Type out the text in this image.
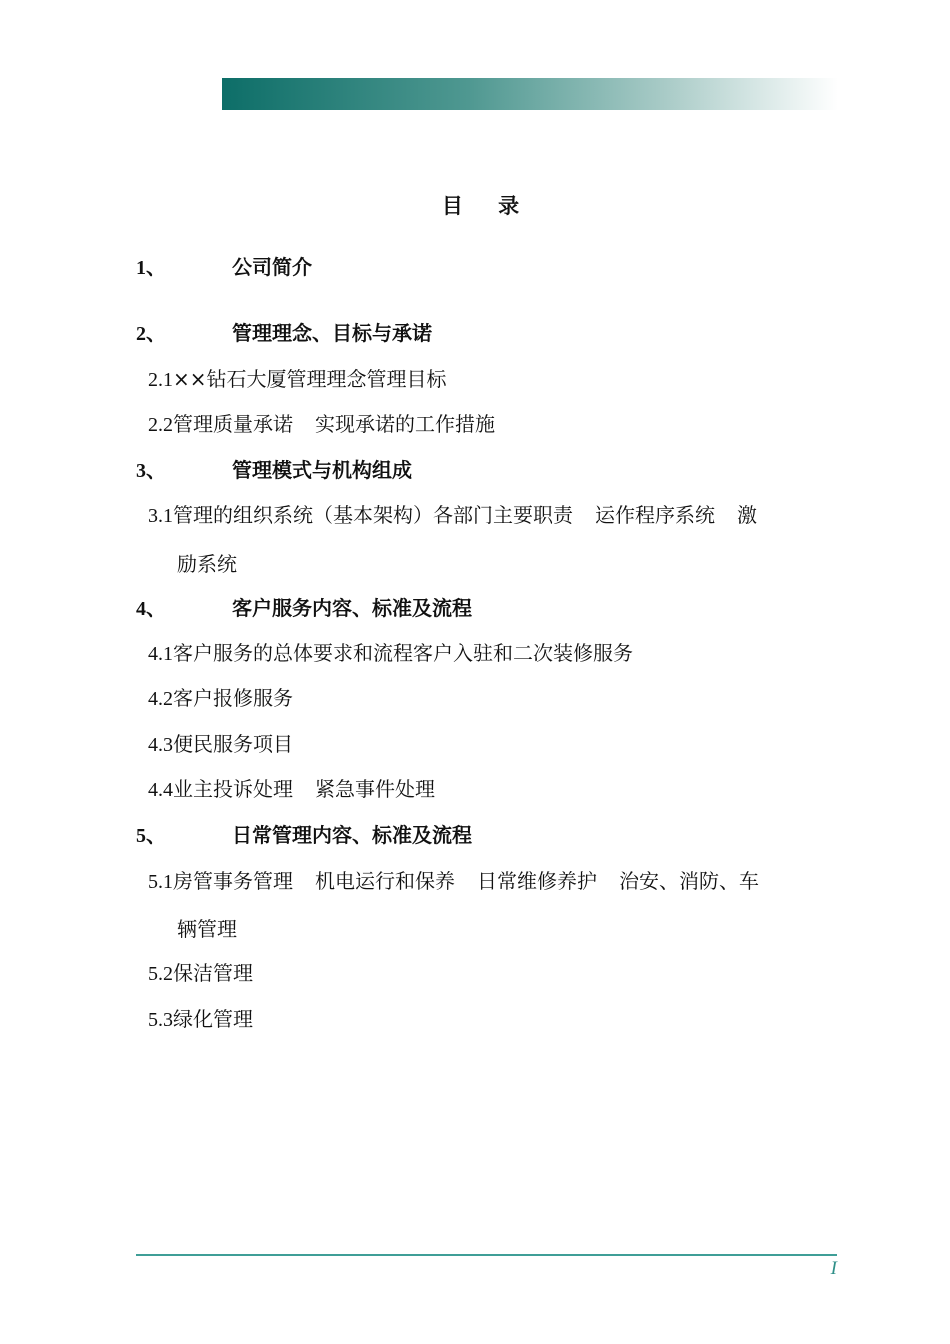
目 录
1、	公司简介
2、	管理理念、目标与承诺
2.1××钻石大厦管理理念管理目标
2.2管理质量承诺 实现承诺的工作措施
3、	管理模式与机构组成
3.1管理的组织系统（基本架构）各部门主要职责 运作程序系统 激
励系统
4、	客户服务内容、标准及流程
4.1客户服务的总体要求和流程客户入驻和二次装修服务
4.2客户报修服务
4.3便民服务项目
4.4业主投诉处理 紧急事件处理
5、	日常管理内容、标准及流程
5.1房管事务管理 机电运行和保养 日常维修养护 治安、消防、车
辆管理
5.2保洁管理
5.3绿化管理
I
